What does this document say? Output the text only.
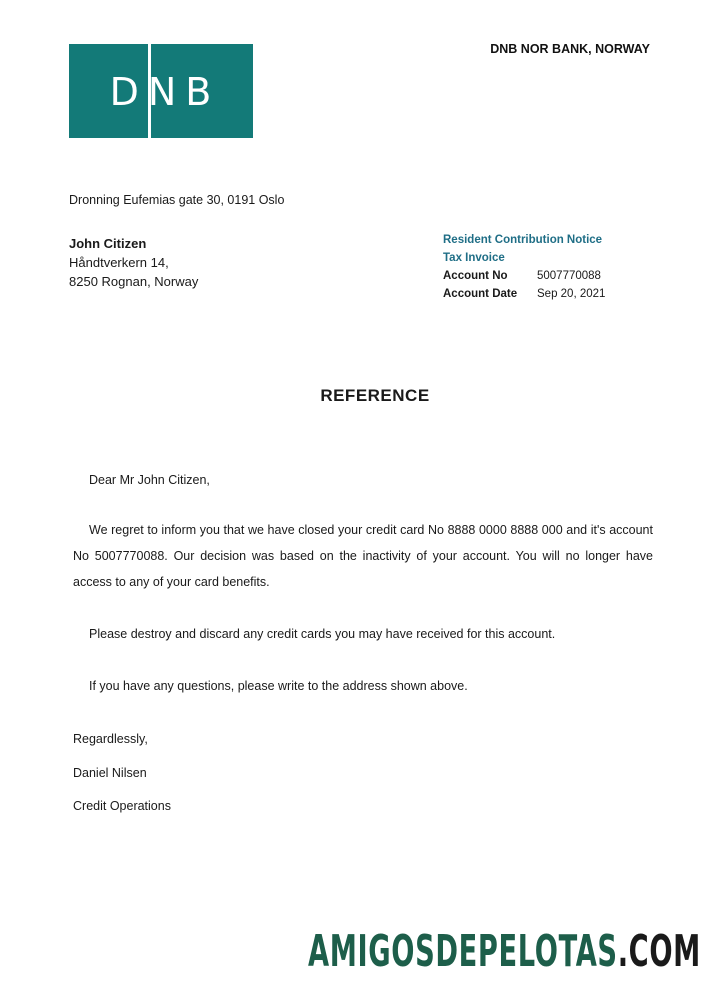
DNB
DNB NOR BANK, NORWAY
Dronning Eufemias gate 30, 0191 Oslo
John Citizen
Håndtverkern 14,
8250 Rognan, Norway
Resident Contribution Notice
Tax Invoice
Account No	5007770088
Account Date	Sep 20, 2021
REFERENCE
Dear Mr John Citizen,
We regret to inform you that we have closed your credit card No 8888 0000 8888 000 and it's account No 5007770088. Our decision was based on the inactivity of your account. You will no longer have access to any of your card benefits.
Please destroy and discard any credit cards you may have received for this account.
If you have any questions, please write to the address shown above.
Regardlessly,
Daniel Nilsen
Credit Operations
AMIGOSDEPELOTAS.COM
